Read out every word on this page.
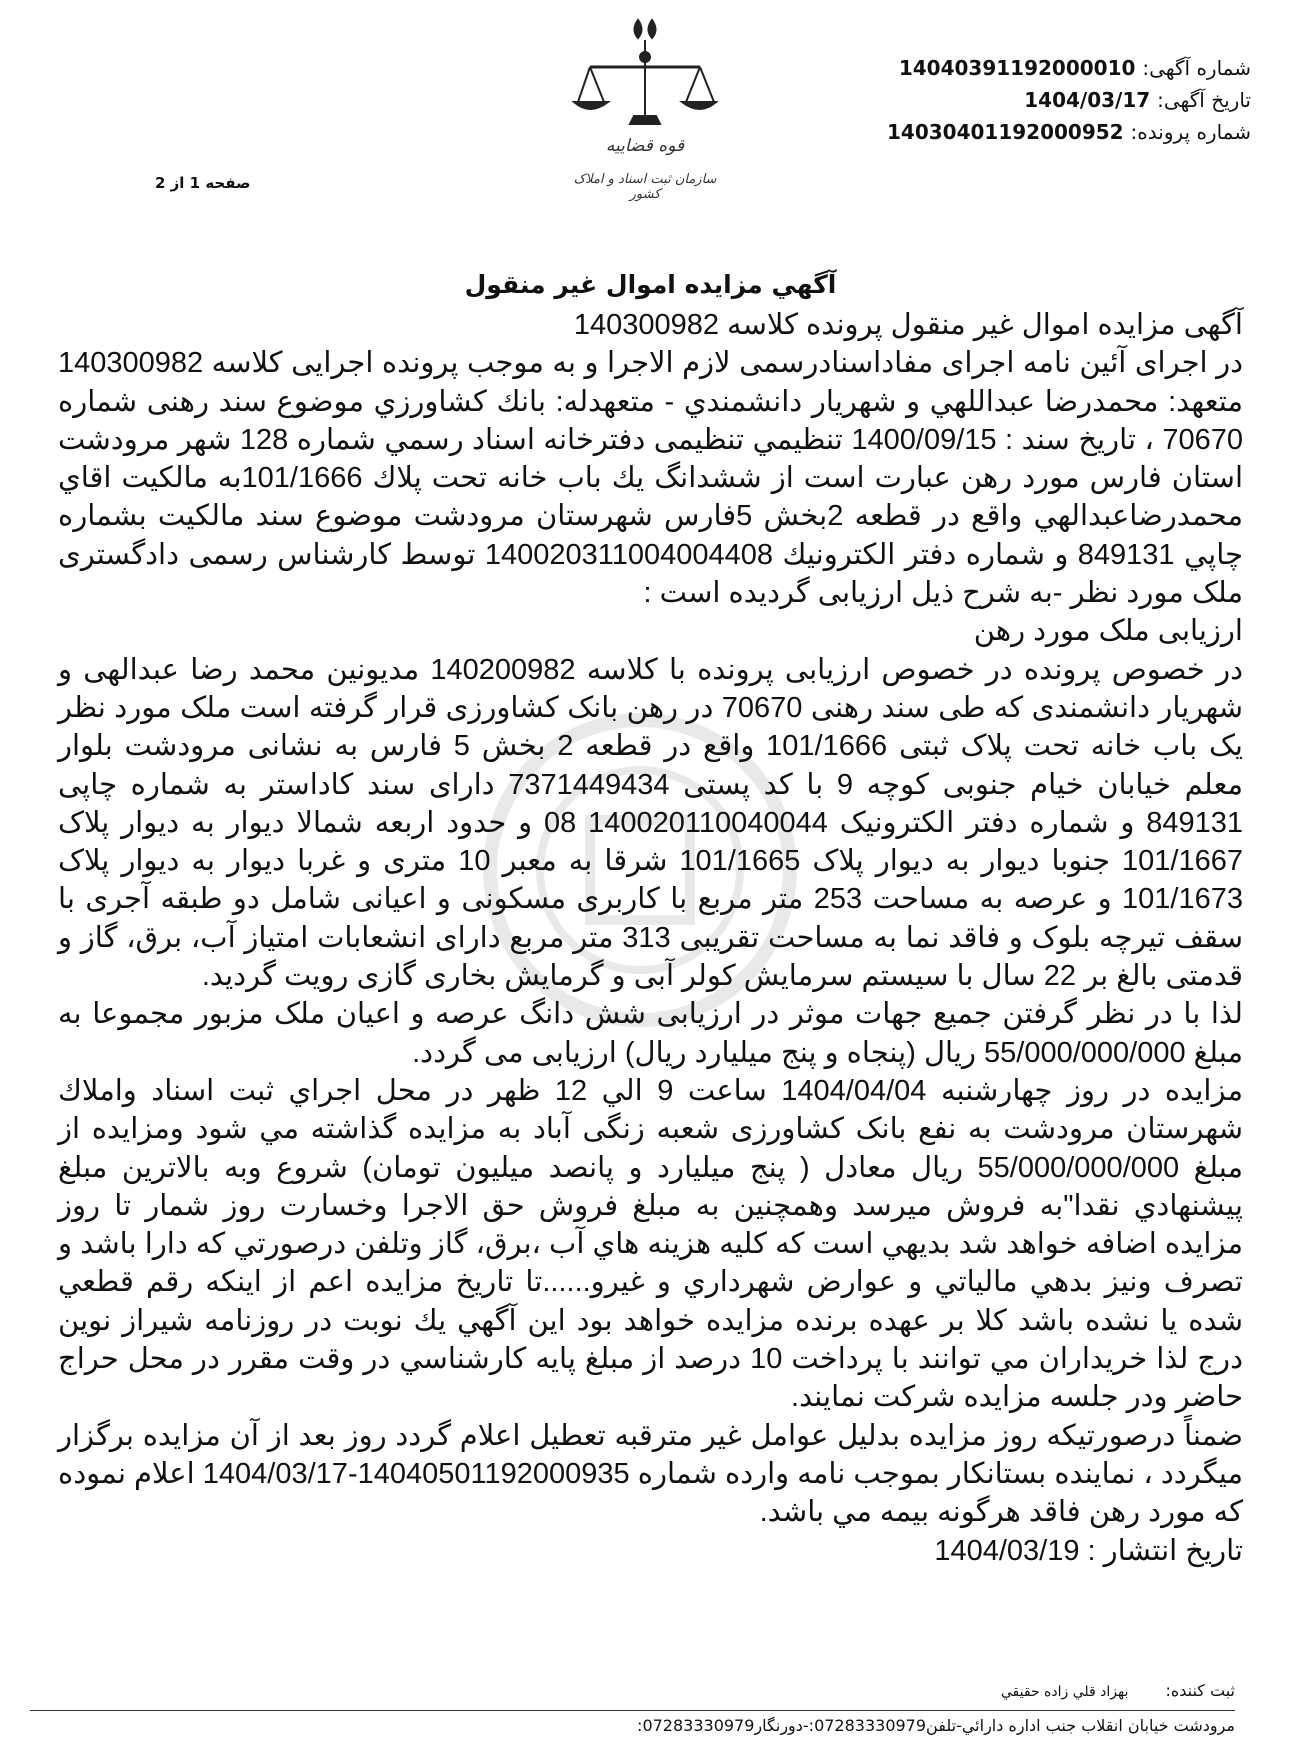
شماره آگهی: 14040391192000010
تاریخ آگهی: 1404/03/17
شماره پرونده: 14030401192000952
قوه قضاییه
سازمان ثبت اسناد و املاک کشور
صفحه 1 از 2
آگهي مزايده اموال غير منقول

آگهی مزایده اموال غیر منقول پرونده کلاسه 140300982

در اجرای آئین نامه اجرای مفاداسنادرسمی لازم الاجرا و به موجب پرونده اجرایی کلاسه 140300982 متعهد: محمدرضا عبداللهي و شهريار دانشمندي - متعهدله: بانك كشاورزي موضوع سند رهنی شماره 70670 ، تاریخ سند : 1400/09/15 تنظیمي تنظیمی دفترخانه اسناد رسمي شماره 128 شهر مرودشت استان فارس مورد رهن عبارت است از ششدانگ يك باب خانه تحت پلاك 101/1666به مالكيت اقاي محمدرضاعبدالهي واقع در قطعه 2بخش 5فارس شهرستان مرودشت موضوع سند مالكيت بشماره چاپي 849131 و شماره دفتر الكترونيك 140020311004004408 توسط كارشناس رسمی دادگستری ملک مورد نظر -به شرح ذیل ارزیابی گردیده است :

ارزیابی ملک مورد رهن

در خصوص پرونده در خصوص ارزیابی پرونده با کلاسه 140200982 مدیونین محمد رضا عبدالهی و شهریار دانشمندی که طی سند رهنی 70670 در رهن بانک کشاورزی قرار گرفته است ملک مورد نظر یک باب خانه تحت پلاک ثبتی 101/1666 واقع در قطعه 2 بخش 5 فارس به نشانی مرودشت بلوار معلم خیابان خیام جنوبی کوچه 9 با کد پستی 7371449434 دارای سند کاداستر به شماره چاپی 849131 و شماره دفتر الکترونیک 140020110040044 08 و حدود اربعه شمالا دیوار به دیوار پلاک 101/1667 جنوبا دیوار به دیوار پلاک 101/1665 شرقا به معبر 10 متری و غربا دیوار به دیوار پلاک 101/1673 و عرصه به مساحت 253 متر مربع با کاربری مسکونی و اعیانی شامل دو طبقه آجری با سقف تیرچه بلوک و فاقد نما به مساحت تقریبی 313 متر مربع دارای انشعابات امتیاز آب، برق، گاز و قدمتی بالغ بر 22 سال با سیستم سرمایش کولر آبی و گرمایش بخاری گازی رویت گردید.

لذا با در نظر گرفتن جمیع جهات موثر در ارزیابی شش دانگ عرصه و اعیان ملک مزبور مجموعا به مبلغ 55/000/000/000 ریال (پنجاه و پنج میلیارد ریال) ارزیابی می گردد.

مزایده در روز چهارشنبه 1404/04/04 ساعت 9 الي 12 ظهر در محل اجراي ثبت اسناد واملاك شهرستان مرودشت به نفع بانک کشاورزی شعبه زنگی آباد به مزایده گذاشته مي شود ومزايده از مبلغ 55/000/000/000 ريال معادل ( پنج ميليارد و پانصد ميليون تومان) شروع وبه بالاترين مبلغ پيشنهادي نقدا"به فروش ميرسد وهمچنين به مبلغ فروش حق الاجرا وخسارت روز شمار تا روز مزايده اضافه خواهد شد بديهي است كه كليه هزينه هاي آب ،برق، گاز وتلفن درصورتي كه دارا باشد و تصرف ونيز بدهي مالياتي و عوارض شهرداري و غيرو......تا تاريخ مزايده اعم از اينكه رقم قطعي شده يا نشده باشد كلا بر عهده برنده مزايده خواهد بود اين آگهي يك نوبت در روزنامه شيراز نوين درج لذا خريداران مي توانند با پرداخت 10 درصد از مبلغ پايه كارشناسي در وقت مقرر در محل حراج حاضر ودر جلسه مزايده شركت نمايند.

ضمناً درصورتيكه روز مزايده بدليل عوامل غير مترقبه تعطيل اعلام گردد روز بعد از آن مزايده برگزار ميگردد ، نماينده بستانكار بموجب نامه وارده شماره 14040501192000935-1404/03/17 اعلام نموده كه مورد رهن فاقد هرگونه بيمه مي باشد.

تاریخ انتشار : 1404/03/19

ثبت کننده: بهزاد قلي زاده حقيقي
مرودشت خيابان انقلاب جنب اداره دارائي-تلفن07283330979:-دورنگار07283330979:
